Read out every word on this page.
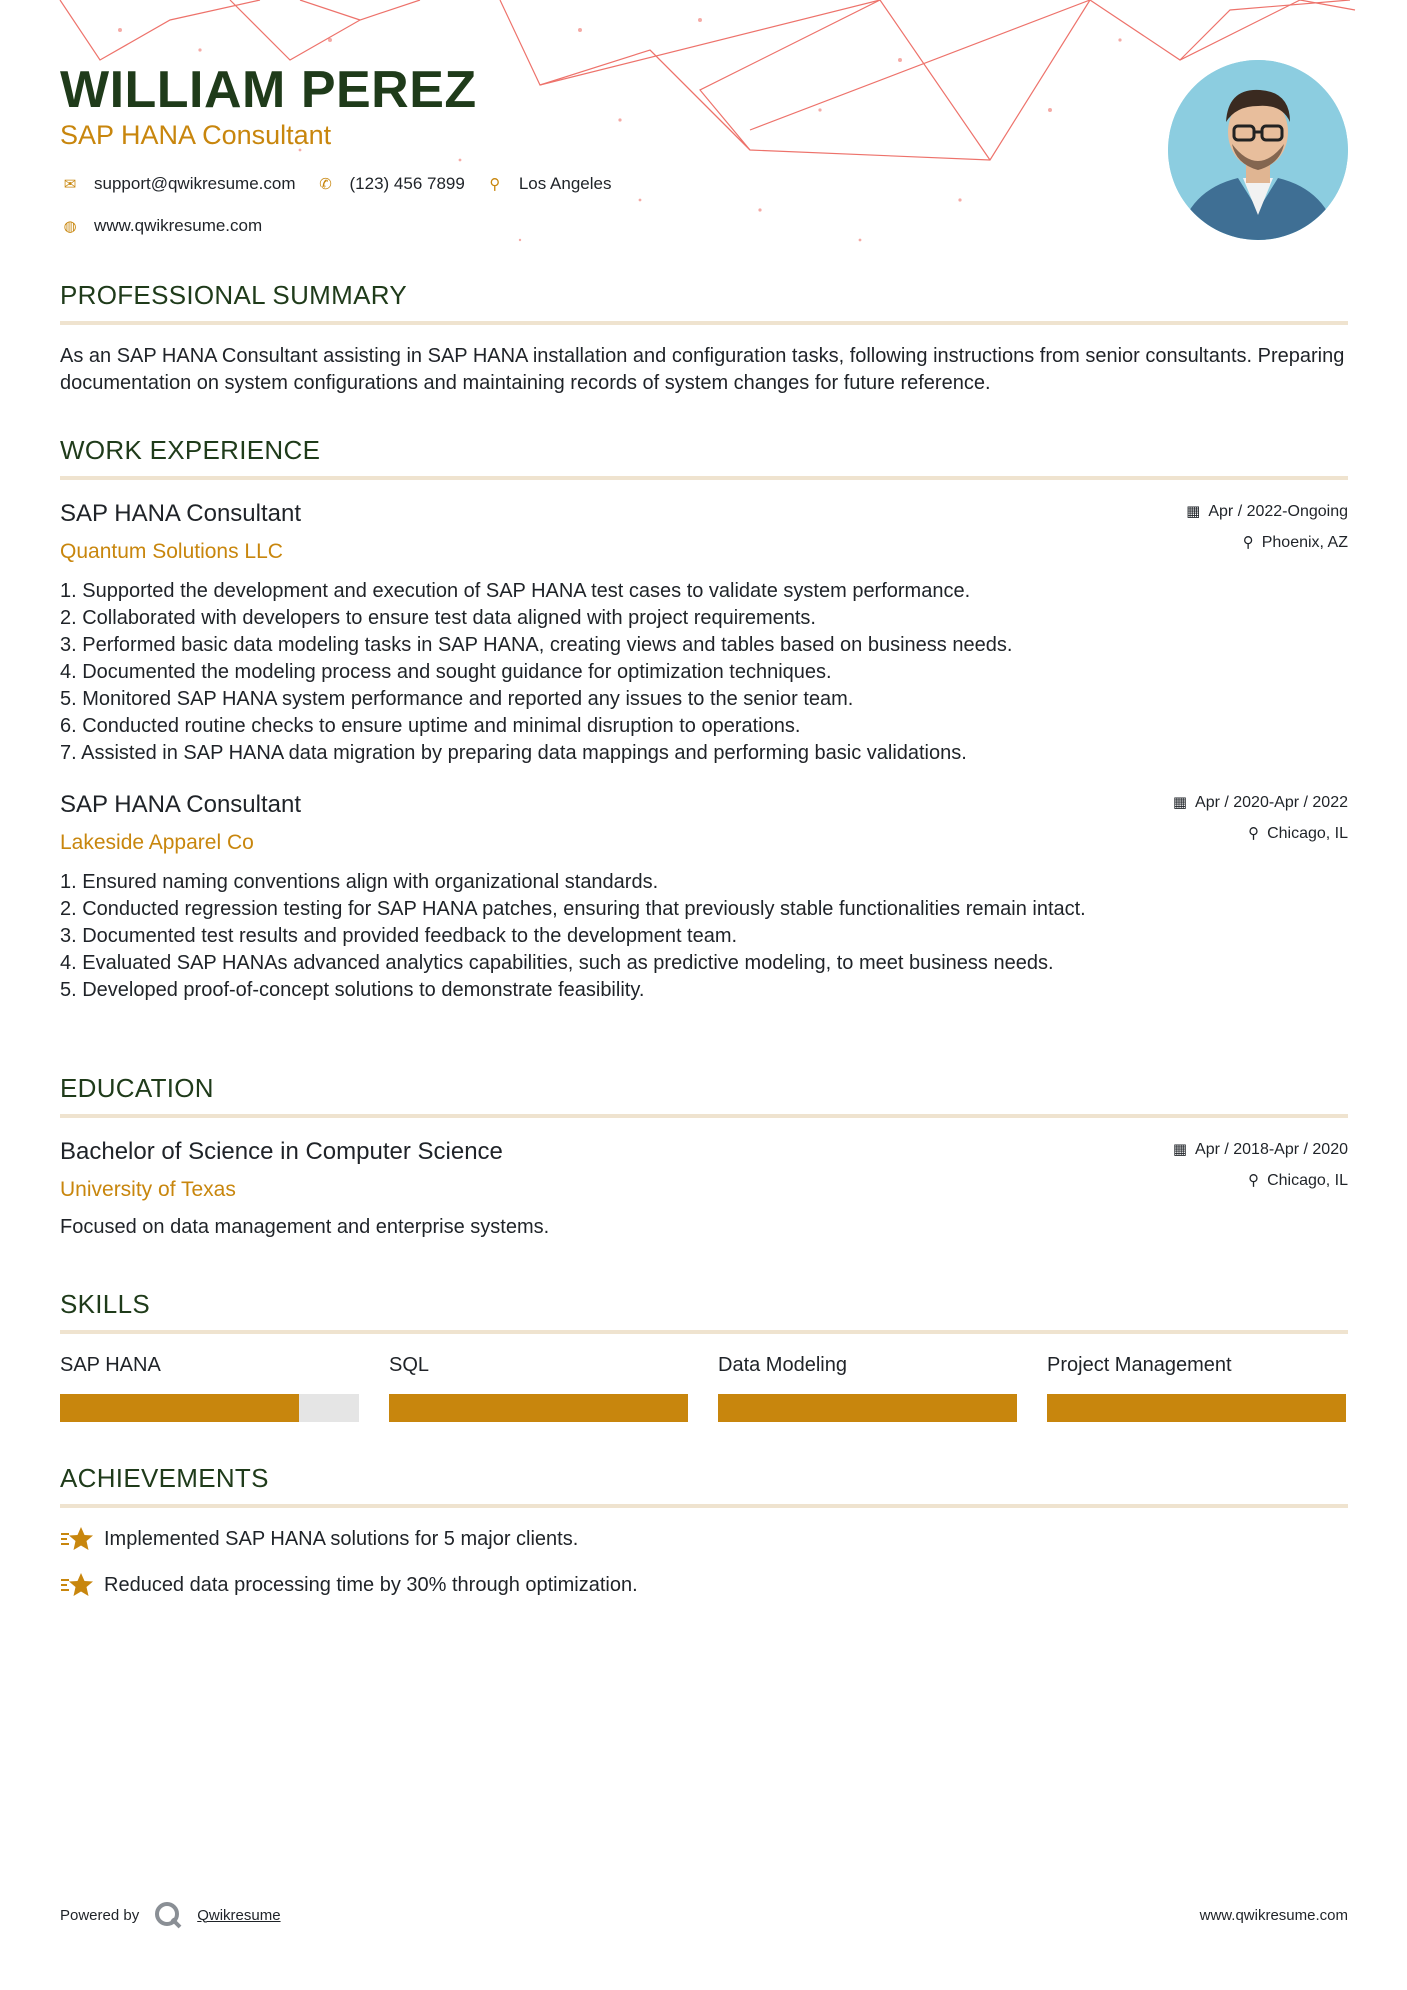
WILLIAM PEREZ
SAP HANA Consultant
✉ support@qwikresume.com ✆ (123) 456 7899	⚲ Los Angeles
◍ www.qwikresume.com
PROFESSIONAL SUMMARY
As an SAP HANA Consultant assisting in SAP HANA installation and configuration tasks, following instructions from senior consultants. Preparing documentation on system configurations and maintaining records of system changes for future reference.
WORK EXPERIENCE
SAP HANA Consultant
Quantum Solutions LLC
▦ Apr / 2022-Ongoing
⚲ Phoenix, AZ
1. Supported the development and execution of SAP HANA test cases to validate system performance.
2. Collaborated with developers to ensure test data aligned with project requirements.
3. Performed basic data modeling tasks in SAP HANA, creating views and tables based on business needs.
4. Documented the modeling process and sought guidance for optimization techniques.
5. Monitored SAP HANA system performance and reported any issues to the senior team.
6. Conducted routine checks to ensure uptime and minimal disruption to operations.
7. Assisted in SAP HANA data migration by preparing data mappings and performing basic validations.
SAP HANA Consultant
Lakeside Apparel Co
▦ Apr / 2020-Apr / 2022
⚲ Chicago, IL
1. Ensured naming conventions align with organizational standards.
2. Conducted regression testing for SAP HANA patches, ensuring that previously stable functionalities remain intact.
3. Documented test results and provided feedback to the development team.
4. Evaluated SAP HANAs advanced analytics capabilities, such as predictive modeling, to meet business needs.
5. Developed proof-of-concept solutions to demonstrate feasibility.
EDUCATION
Bachelor of Science in Computer Science
University of Texas
▦ Apr / 2018-Apr / 2020
⚲ Chicago, IL
Focused on data management and enterprise systems.
SKILLS
SAP HANA	SQL	Data Modeling	Project Management
ACHIEVEMENTS
Implemented SAP HANA solutions for 5 major clients.
Reduced data processing time by 30% through optimization.
Powered by	Qwikresume	www.qwikresume.com
